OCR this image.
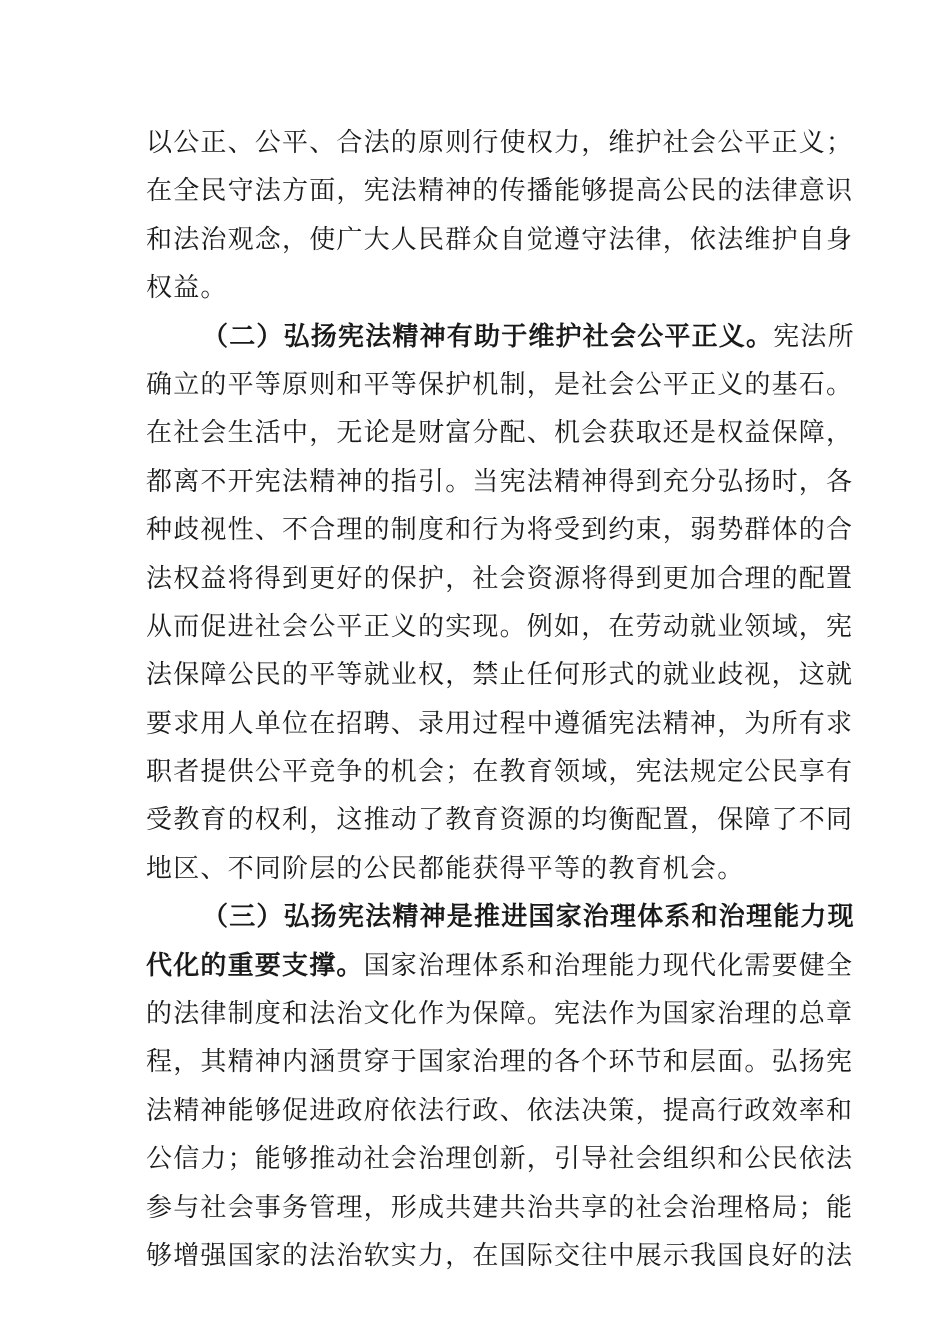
以公正、公平、合法的原则行使权力，维护社会公平正义；
在全民守法方面，宪法精神的传播能够提高公民的法律意识
和法治观念，使广大人民群众自觉遵守法律，依法维护自身
权益。
（二）弘扬宪法精神有助于维护社会公平正义。宪法所
确立的平等原则和平等保护机制，是社会公平正义的基石。
在社会生活中，无论是财富分配、机会获取还是权益保障，
都离不开宪法精神的指引。当宪法精神得到充分弘扬时，各
种歧视性、不合理的制度和行为将受到约束，弱势群体的合
法权益将得到更好的保护，社会资源将得到更加合理的配置
从而促进社会公平正义的实现。例如，在劳动就业领域，宪
法保障公民的平等就业权，禁止任何形式的就业歧视，这就
要求用人单位在招聘、录用过程中遵循宪法精神，为所有求
职者提供公平竞争的机会；在教育领域，宪法规定公民享有
受教育的权利，这推动了教育资源的均衡配置，保障了不同
地区、不同阶层的公民都能获得平等的教育机会。
（三）弘扬宪法精神是推进国家治理体系和治理能力现
代化的重要支撑。国家治理体系和治理能力现代化需要健全
的法律制度和法治文化作为保障。宪法作为国家治理的总章
程，其精神内涵贯穿于国家治理的各个环节和层面。弘扬宪
法精神能够促进政府依法行政、依法决策，提高行政效率和
公信力；能够推动社会治理创新，引导社会组织和公民依法
参与社会事务管理，形成共建共治共享的社会治理格局；能
够增强国家的法治软实力，在国际交往中展示我国良好的法
